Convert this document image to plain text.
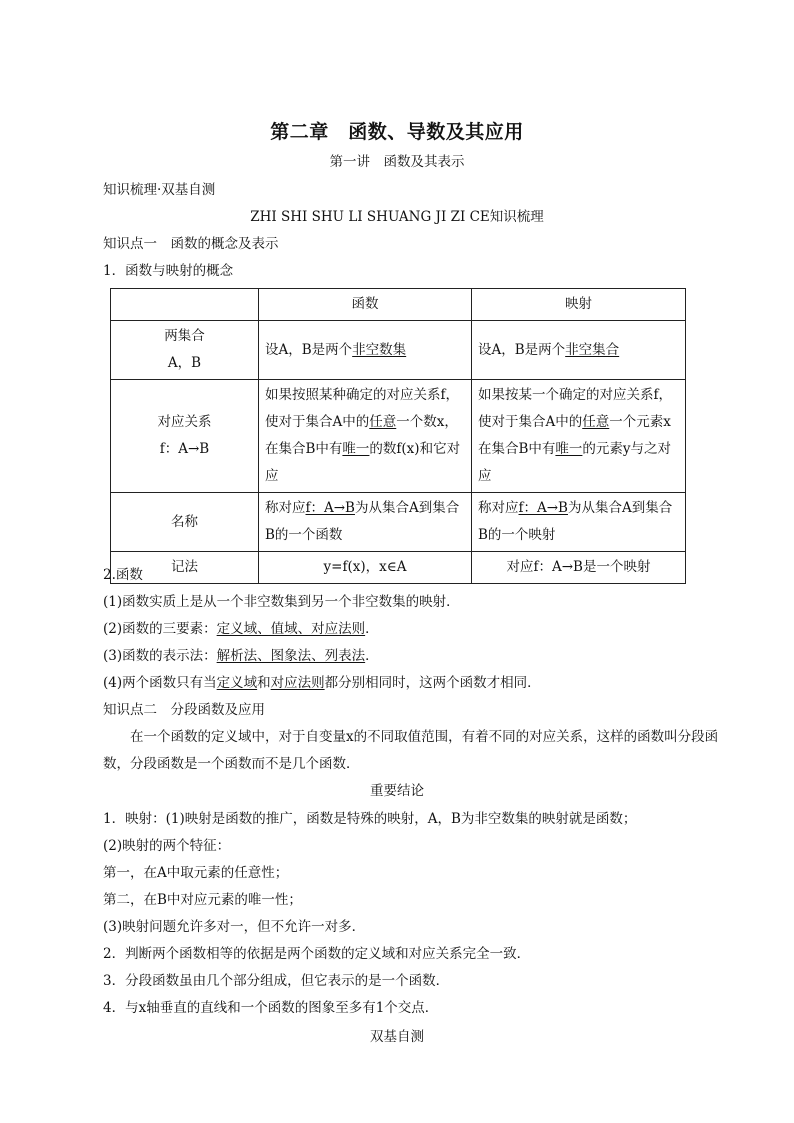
第二章　函数、导数及其应用
第一讲　函数及其表示
知识梳理·双基自测
ZHI SHI SHU LI SHUANG JI ZI CE知识梳理
知识点一　函数的概念及表示
1．函数与映射的概念
	函数	映射
两集合
A，B	设A，B是两个非空数集	设A，B是两个非空集合
对应关系
f：A→B	如果按照某种确定的对应关系f，使对于集合A中的任意一个数x，在集合B中有唯一的数f(x)和它对应	如果按某一个确定的对应关系f，使对于集合A中的任意一个元素x在集合B中有唯一的元素y与之对应
名称	称对应f：A→B为从集合A到集合B的一个函数	称对应f：A→B为从集合A到集合B的一个映射
记法	y=f(x)，x∈A	对应f：A→B是一个映射
2.函数
(1)函数实质上是从一个非空数集到另一个非空数集的映射．
(2)函数的三要素：定义域、值域、对应法则．
(3)函数的表示法：解析法、图象法、列表法．
(4)两个函数只有当定义域和对应法则都分别相同时，这两个函数才相同．
知识点二　分段函数及应用
在一个函数的定义域中，对于自变量x的不同取值范围，有着不同的对应关系，这样的函数叫分段函数，分段函数是一个函数而不是几个函数．
重要结论
1．映射：(1)映射是函数的推广，函数是特殊的映射，A，B为非空数集的映射就是函数；
(2)映射的两个特征：
第一，在A中取元素的任意性；
第二，在B中对应元素的唯一性；
(3)映射问题允许多对一，但不允许一对多．
2．判断两个函数相等的依据是两个函数的定义域和对应关系完全一致．
3．分段函数虽由几个部分组成，但它表示的是一个函数．
4．与x轴垂直的直线和一个函数的图象至多有1个交点．
双基自测
